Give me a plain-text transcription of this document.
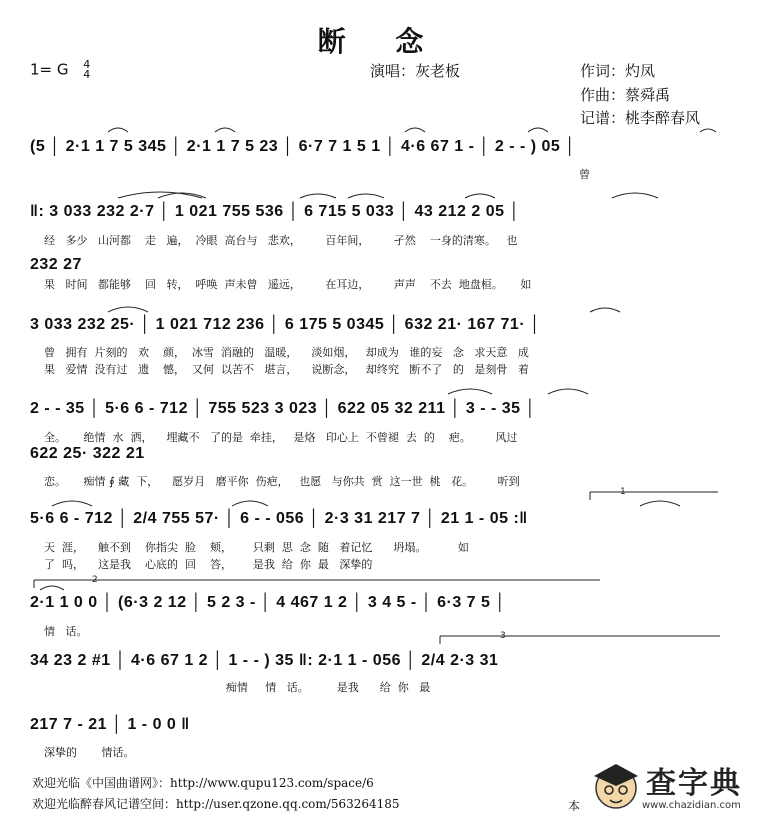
断 念
1= G 4
4	演唱：灰老板	作词：灼凤
作曲：蔡舜禹
记谱：桃李醉春风
(5 │ 2·1 1 7 5 345 │ 2·1 1 7 5 23 │ 6·7 7 1 5 1 │ 4·6 67 1 - │ 2 - - ) 05 │
曾
‖: 3 033 232 2·7 │ 1 021 755 536 │ 6 715 5 033 │ 43 212 2 05 │
经   多少   山河都    走   遍，  冷眼  高台与   悲欢，       百年间，       孑然    一身的清寒。   也
果   时间   都能够    回   转，  呼唤  声未曾   遥远，       在耳边，       声声    不去  地盘桓。     如
232 27
3 033 232 25· │ 1 021 712 236 │ 6 175 5 0345 │ 632 21· 167 71· │
曾   拥有  片刻的   欢    颜，  冰雪  消融的   温暖，    淡如烟，   却成为   谁的妄   念   求天意   成
果   爱情  没有过   遗    憾，  又何  以苦不   堪言，    说断念，   却终究   断不了   的   是刻骨   着
2 - - 35 │ 5·6 6 - 712 │ 755 523 3 023 │ 622 05 32 211 │ 3 - - 35 │
全。     绝情  水  洒，    埋藏不   了的是  牵挂，   是烙   印心上  不曾褪  去  的    疤。       风过
恋。     痴情 ∮ 藏  下，    愿岁月   磨平你  伤疤，   也愿   与你共  赏  这一世  桃   花。       听到
622 25· 322 21
5·6 6 - 712 │ 2/4 755 57· │ 6 - - 056 │ 2·3 31 217 7 │ 21 1 - 05 :‖
天  涯，    触不到    你指尖  脸    颊，      只剩  思  念  随   着记忆      坍塌。         如
了  吗，    这是我    心底的  回    答，      是我  给  你  最   深挚的
2·1 1 0 0 │ (6·3 2 12 │ 5 2 3 - │ 4 467 1 2 │ 3 4 5 - │ 6·3 7 5 │
情   话。
34 23 2 #1 │ 4·6 67 1 2 │ 1 - - ) 35 ‖: 2·1 1 - 056 │ 2/4 2·3 31
痴情     情   话。        是我      给  你   最
217 7 - 21 │ 1 - 0 0 ‖
深挚的       情话。
1
2
3
欢迎光临《中国曲谱网》：http://www.qupu123.com/space/6
欢迎光临醉春风记谱空间：http://user.qzone.qq.com/563264185	本
查字典
www.chazidian.com
